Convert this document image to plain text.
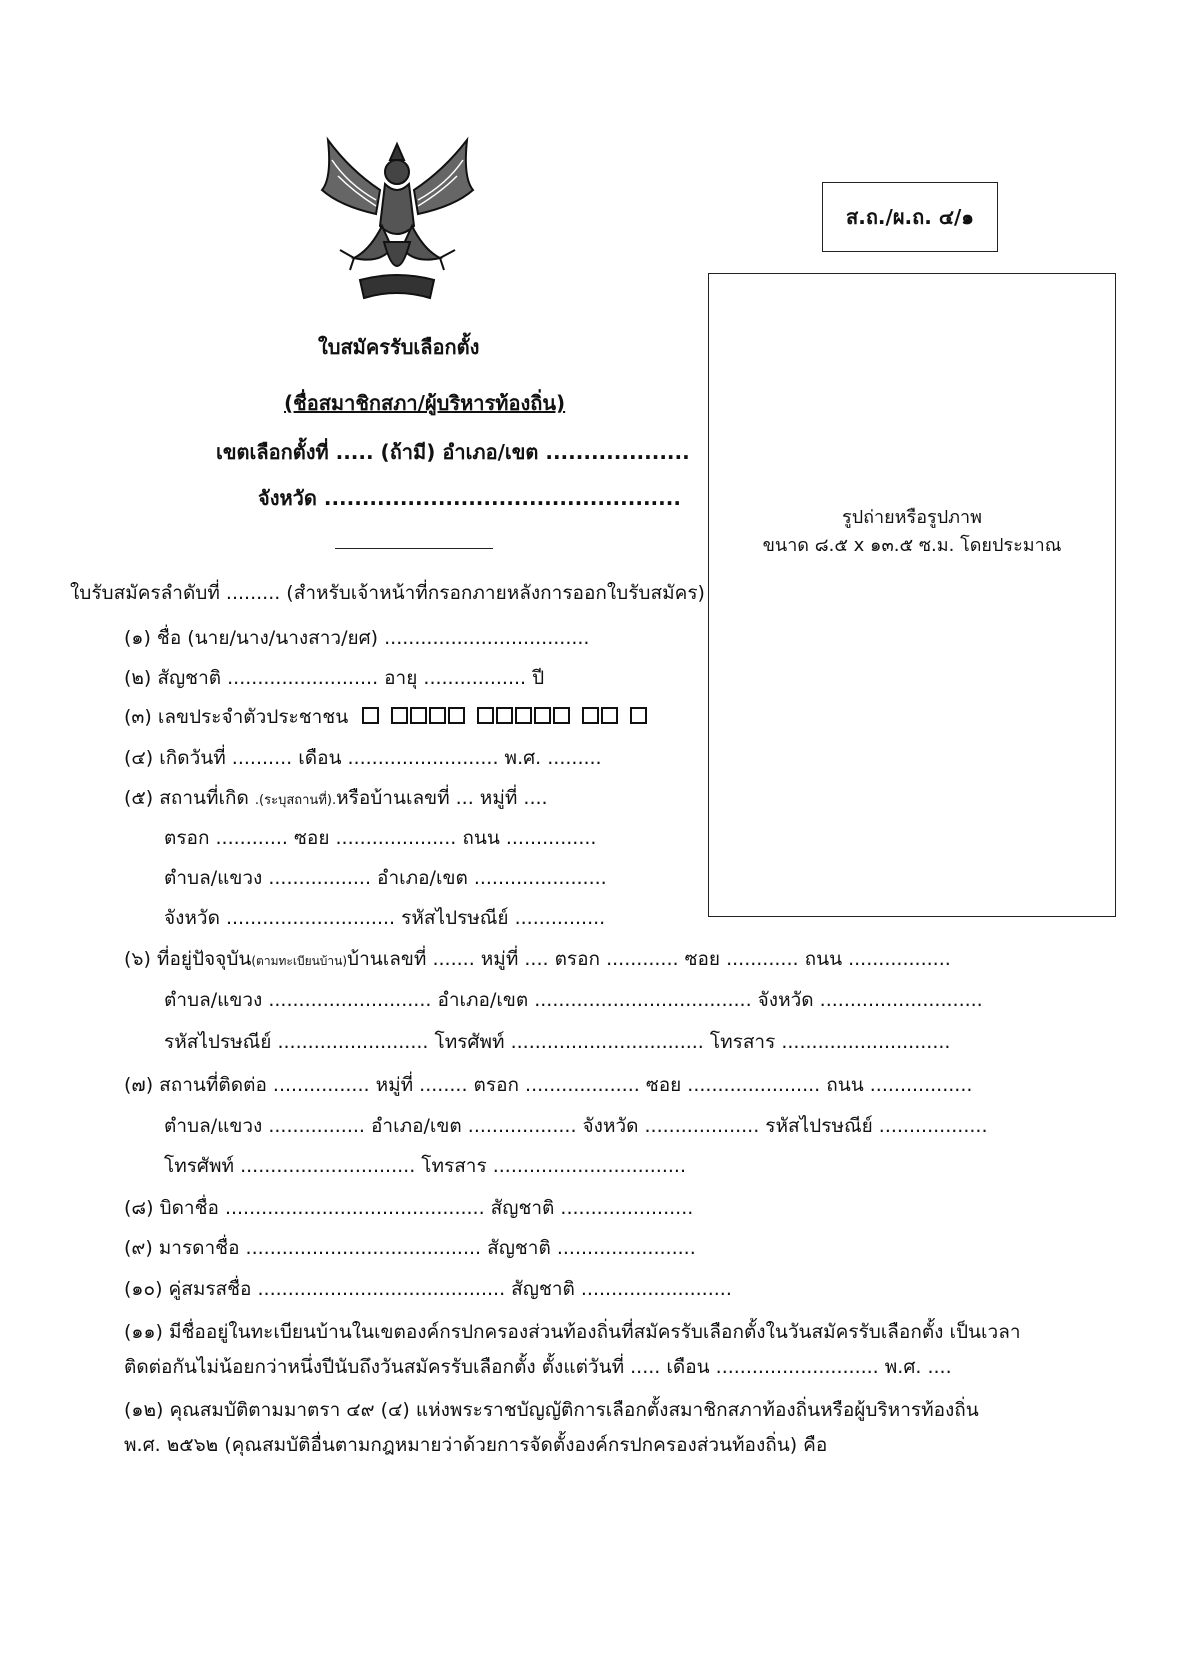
ส.ถ./ผ.ถ. ๔/๑
รูปถ่ายหรือรูปภาพ
ขนาด ๘.๕ x ๑๓.๕ ซ.ม. โดยประมาณ
ใบสมัครรับเลือกตั้ง
(ชื่อสมาชิกสภา/ผู้บริหารท้องถิ่น)
เขตเลือกตั้งที่ ..... (ถ้ามี) อำเภอ/เขต ...................
จังหวัด ...............................................
ใบรับสมัครลำดับที่ ......... (สำหรับเจ้าหน้าที่กรอกภายหลังการออกใบรับสมัคร)
(๑) ชื่อ (นาย/นาง/นางสาว/ยศ) ..................................
(๒) สัญชาติ ......................... อายุ ................. ปี
(๓) เลขประจำตัวประชาชน
(๔) เกิดวันที่ .......... เดือน ......................... พ.ศ. .........
(๕) สถานที่เกิด .(ระบุสถานที่).หรือบ้านเลขที่ ... หมู่ที่ ....
ตรอก ............ ซอย .................... ถนน ...............
ตำบล/แขวง ................. อำเภอ/เขต ......................
จังหวัด ............................ รหัสไปรษณีย์ ...............
(๖) ที่อยู่ปัจจุบัน(ตามทะเบียนบ้าน)บ้านเลขที่ ....... หมู่ที่ .... ตรอก ............ ซอย ............ ถนน .................
ตำบล/แขวง ........................... อำเภอ/เขต .................................... จังหวัด ...........................
รหัสไปรษณีย์ ......................... โทรศัพท์ ................................ โทรสาร ............................
(๗) สถานที่ติดต่อ ................ หมู่ที่ ........ ตรอก ................... ซอย ...................... ถนน .................
ตำบล/แขวง ................ อำเภอ/เขต .................. จังหวัด ................... รหัสไปรษณีย์ ..................
โทรศัพท์ ............................. โทรสาร ................................
(๘) บิดาชื่อ ........................................... สัญชาติ ......................
(๙) มารดาชื่อ ....................................... สัญชาติ .......................
(๑๐) คู่สมรสชื่อ ......................................... สัญชาติ .........................
(๑๑) มีชื่ออยู่ในทะเบียนบ้านในเขตองค์กรปกครองส่วนท้องถิ่นที่สมัครรับเลือกตั้งในวันสมัครรับเลือกตั้ง เป็นเวลา
ติดต่อกันไม่น้อยกว่าหนึ่งปีนับถึงวันสมัครรับเลือกตั้ง ตั้งแต่วันที่ ..... เดือน ........................... พ.ศ. ....
(๑๒) คุณสมบัติตามมาตรา ๔๙ (๔) แห่งพระราชบัญญัติการเลือกตั้งสมาชิกสภาท้องถิ่นหรือผู้บริหารท้องถิ่น
พ.ศ. ๒๕๖๒ (คุณสมบัติอื่นตามกฎหมายว่าด้วยการจัดตั้งองค์กรปกครองส่วนท้องถิ่น) คือ
